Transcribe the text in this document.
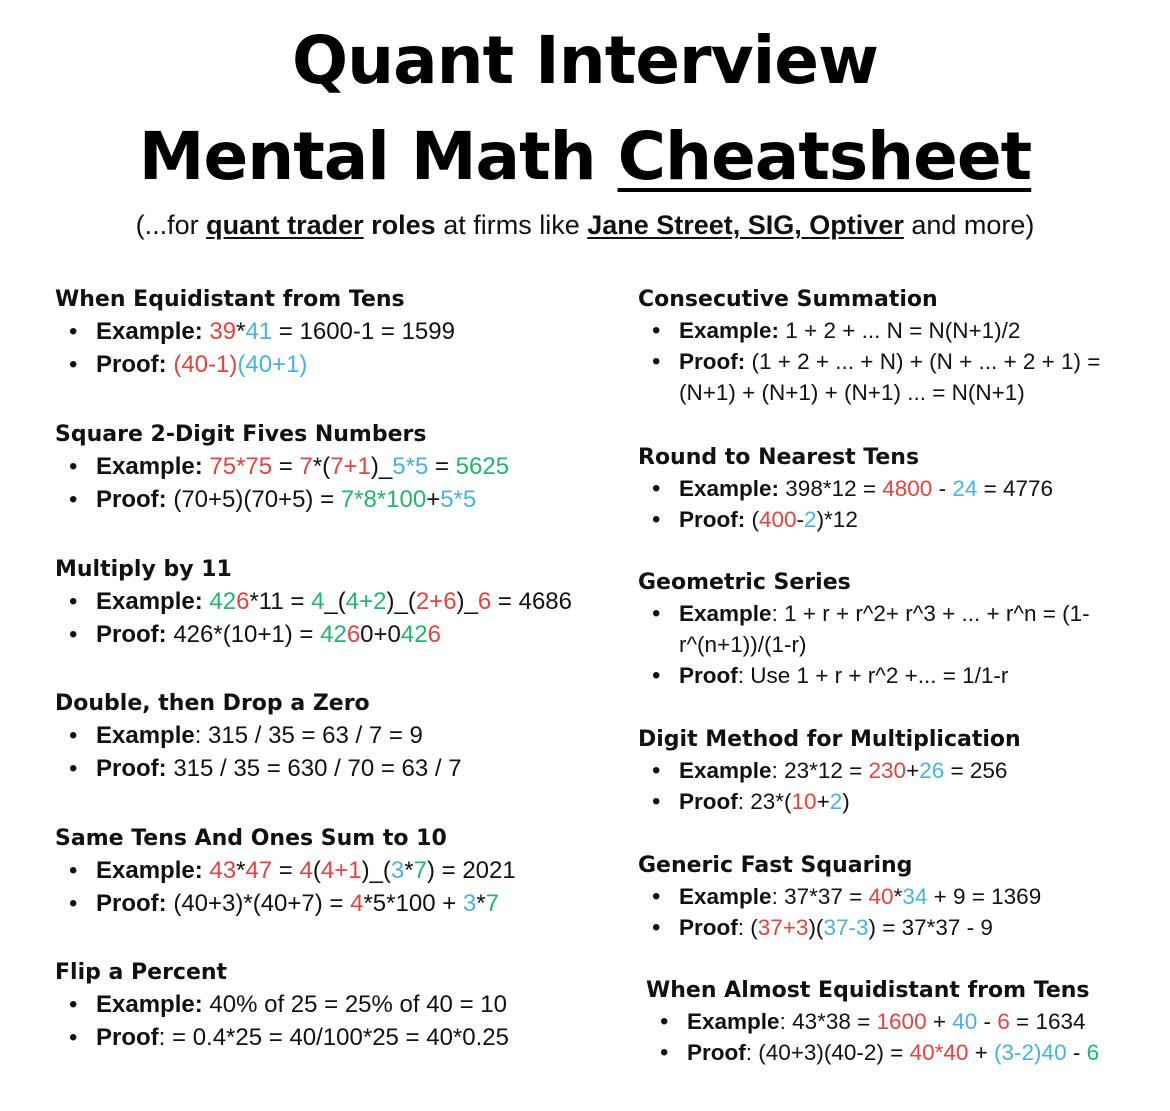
Quant Interview
Mental Math Cheatsheet
(...for quant trader roles at firms like Jane Street, SIG, Optiver and more)
When Equidistant from Tens
• Example: 39*41 = 1600-1 = 1599
• Proof: (40-1)(40+1)
Square 2-Digit Fives Numbers
• Example: 75*75 = 7*(7+1)_5*5 = 5625
• Proof: (70+5)(70+5) = 7*8*100+5*5
Multiply by 11
• Example: 426*11 = 4_(4+2)_(2+6)_6 = 4686
• Proof: 426*(10+1) = 4260+0426
Double, then Drop a Zero
• Example: 315 / 35 = 63 / 7 = 9
• Proof: 315 / 35 = 630 / 70 = 63 / 7
Same Tens And Ones Sum to 10
• Example: 43*47 = 4(4+1)_(3*7) = 2021
• Proof: (40+3)*(40+7) = 4*5*100 + 3*7
Flip a Percent
• Example: 40% of 25 = 25% of 40 = 10
• Proof: = 0.4*25 = 40/100*25 = 40*0.25
Consecutive Summation
• Example: 1 + 2 + ... N = N(N+1)/2
• Proof: (1 + 2 + ... + N) + (N + ... + 2 + 1) = (N+1) + (N+1) + (N+1) ... = N(N+1)
Round to Nearest Tens
• Example: 398*12 = 4800 - 24 = 4776
• Proof: (400-2)*12
Geometric Series
• Example: 1 + r + r^2+ r^3 + ... + r^n = (1-r^(n+1))/(1-r)
• Proof: Use 1 + r + r^2 +... = 1/1-r
Digit Method for Multiplication
• Example: 23*12 = 230+26 = 256
• Proof: 23*(10+2)
Generic Fast Squaring
• Example: 37*37 = 40*34 + 9 = 1369
• Proof: (37+3)(37-3) = 37*37 - 9
When Almost Equidistant from Tens
• Example: 43*38 = 1600 + 40 - 6 = 1634
• Proof: (40+3)(40-2) = 40*40 + (3-2)40 - 6
